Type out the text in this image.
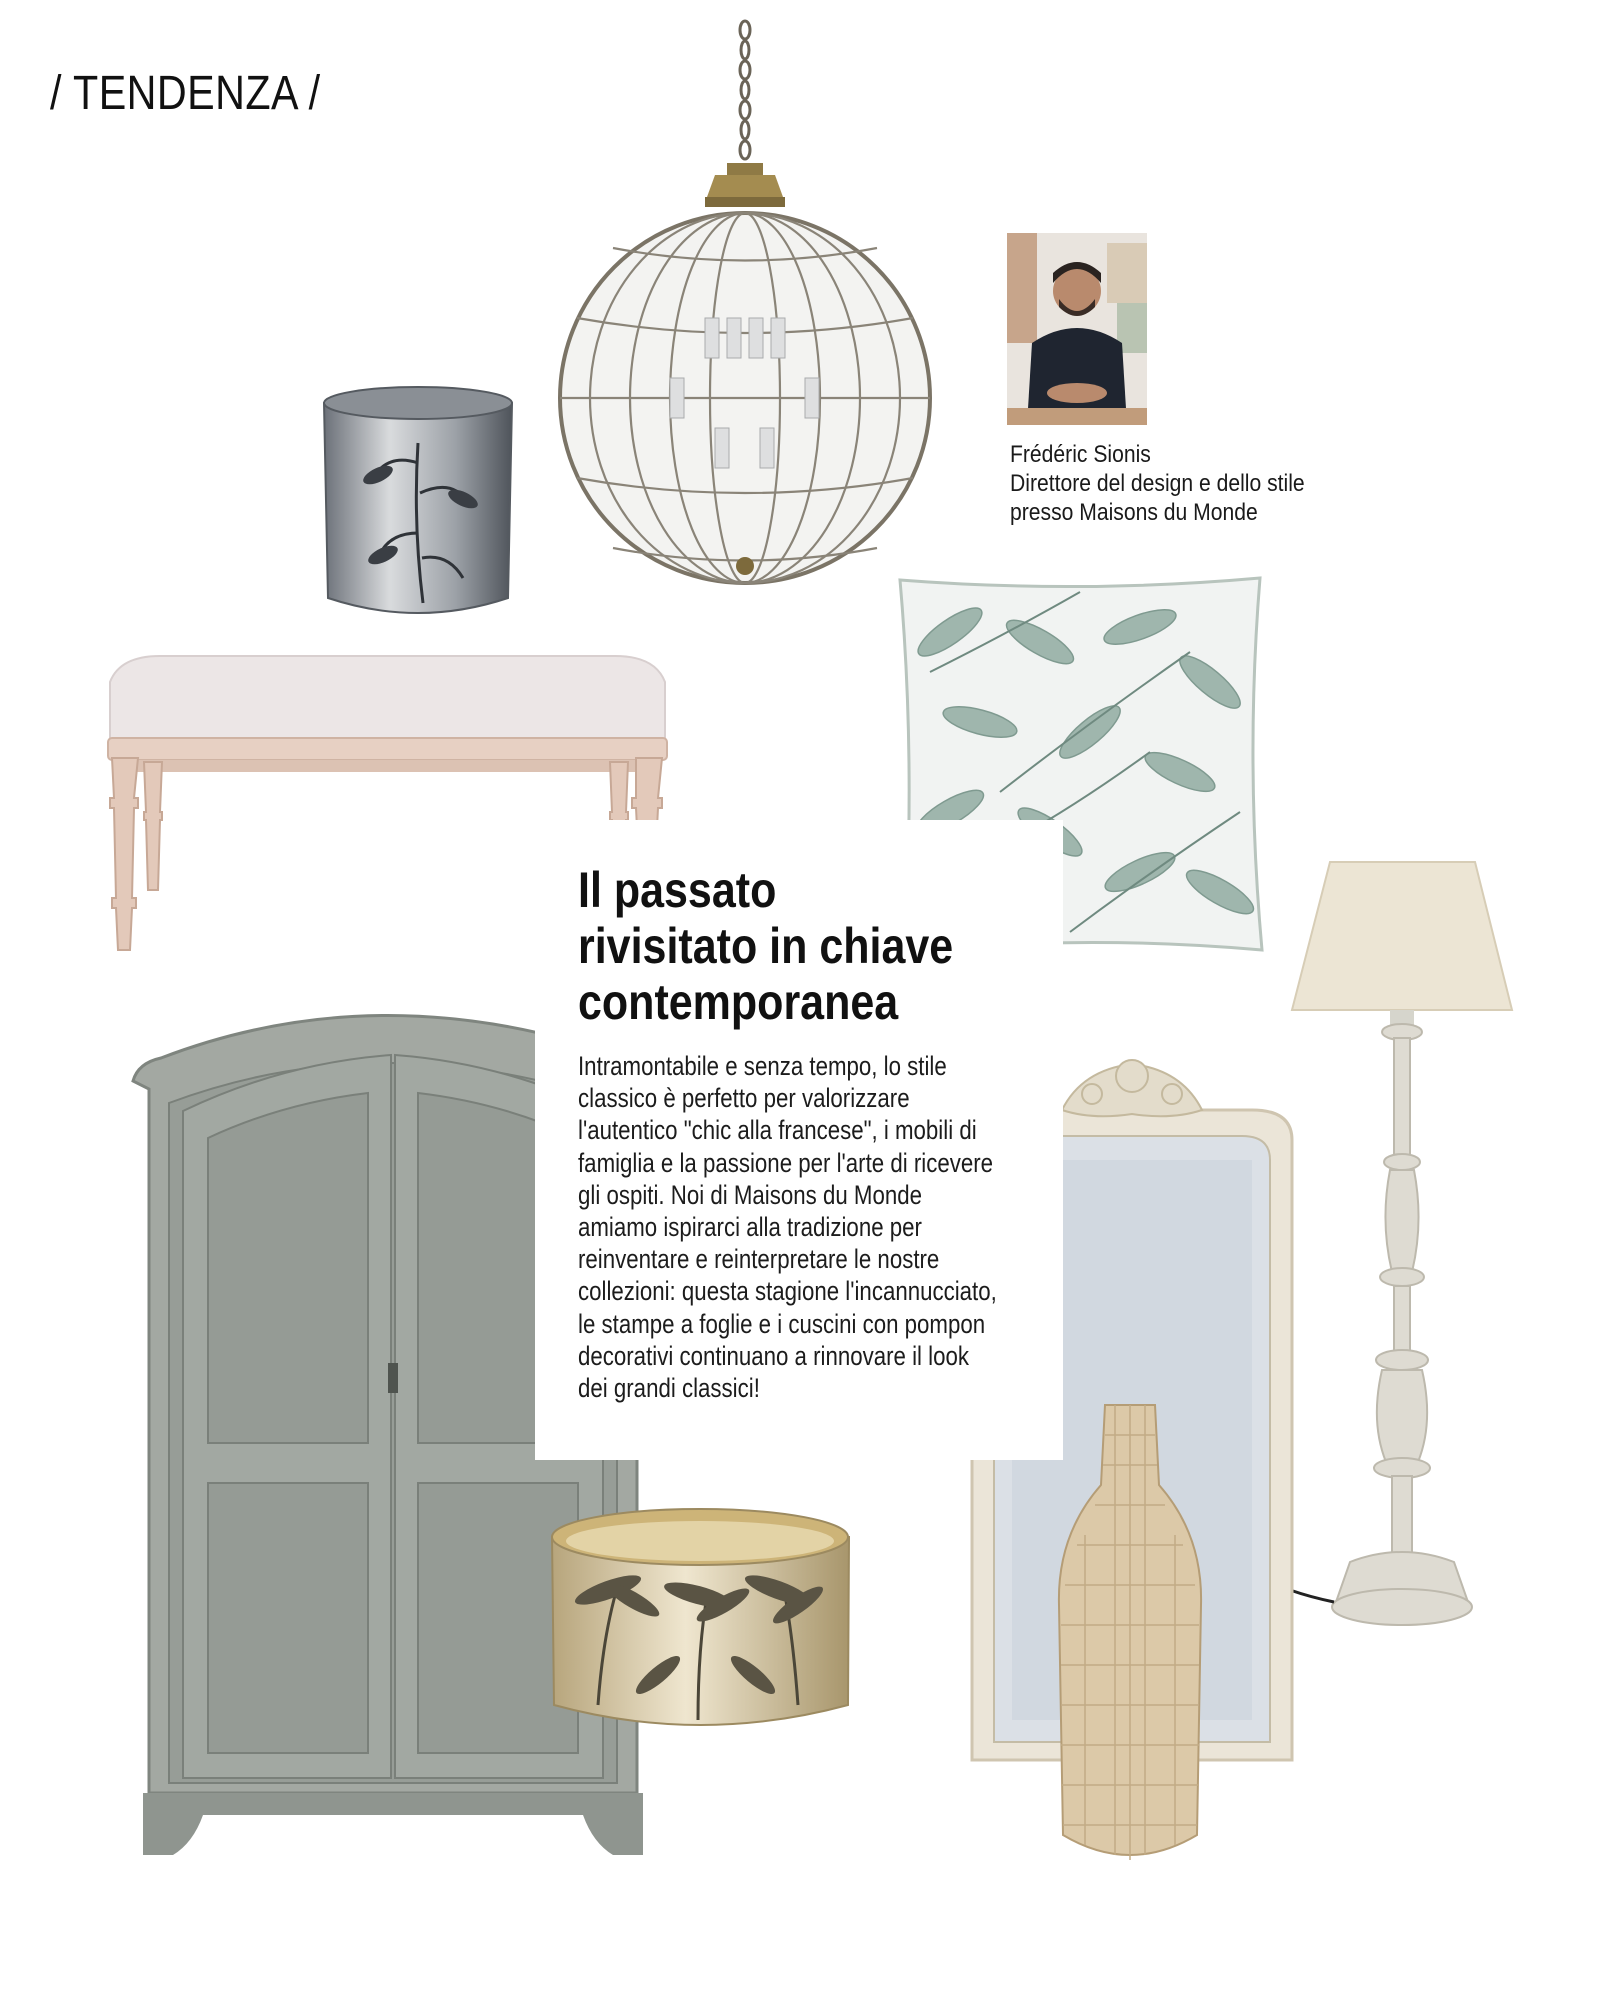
/ TENDENZA /
Frédéric Sionis
Direttore del design e dello stile
presso Maisons du Monde
Il passato
rivisitato in chiave
contemporanea
Intramontabile e senza tempo, lo stile
classico è perfetto per valorizzare
l'autentico "chic alla francese", i mobili di
famiglia e la passione per l'arte di ricevere
gli ospiti. Noi di Maisons du Monde
amiamo ispirarci alla tradizione per
reinventare e reinterpretare le nostre
collezioni: questa stagione l'incannucciato,
le stampe a foglie e i cuscini con pompon
decorativi continuano a rinnovare il look
dei grandi classici!
